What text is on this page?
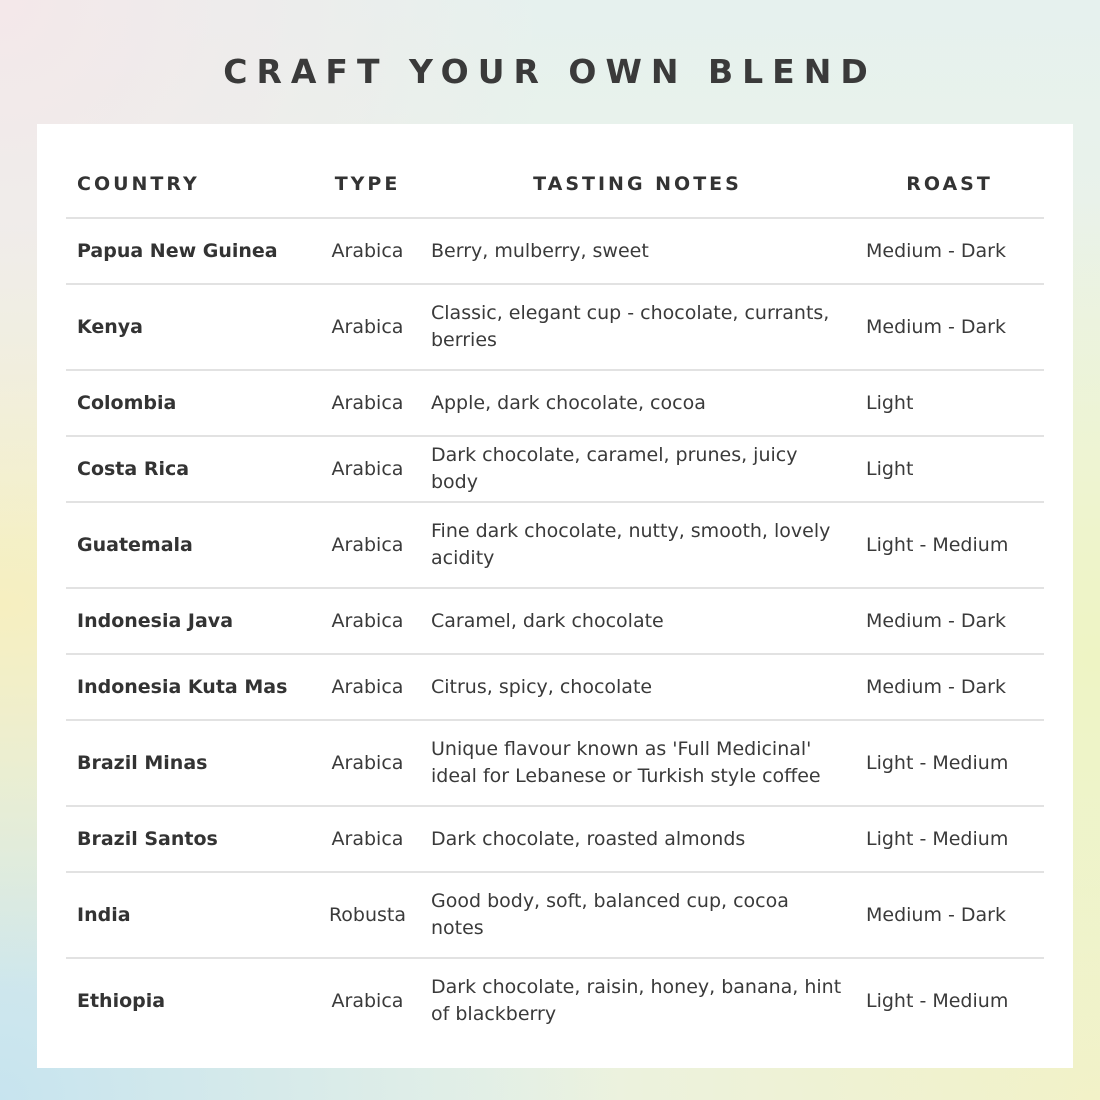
CRAFT YOUR OWN BLEND
COUNTRY	TYPE	TASTING NOTES	ROAST
Papua New Guinea	Arabica	Berry, mulberry, sweet	Medium - Dark
Kenya	Arabica	Classic, elegant cup - chocolate, currants, berries	Medium - Dark
Colombia	Arabica	Apple, dark chocolate, cocoa	Light
Costa Rica	Arabica	Dark chocolate, caramel, prunes, juicy body	Light
Guatemala	Arabica	Fine dark chocolate, nutty, smooth, lovely acidity	Light - Medium
Indonesia Java	Arabica	Caramel, dark chocolate	Medium - Dark
Indonesia Kuta Mas	Arabica	Citrus, spicy, chocolate	Medium - Dark
Brazil Minas	Arabica	Unique flavour known as 'Full Medicinal' ideal for Lebanese or Turkish style coffee	Light - Medium
Brazil Santos	Arabica	Dark chocolate, roasted almonds	Light - Medium
India	Robusta	Good body, soft, balanced cup, cocoa notes	Medium - Dark
Ethiopia	Arabica	Dark chocolate, raisin, honey, banana, hint of blackberry	Light - Medium
